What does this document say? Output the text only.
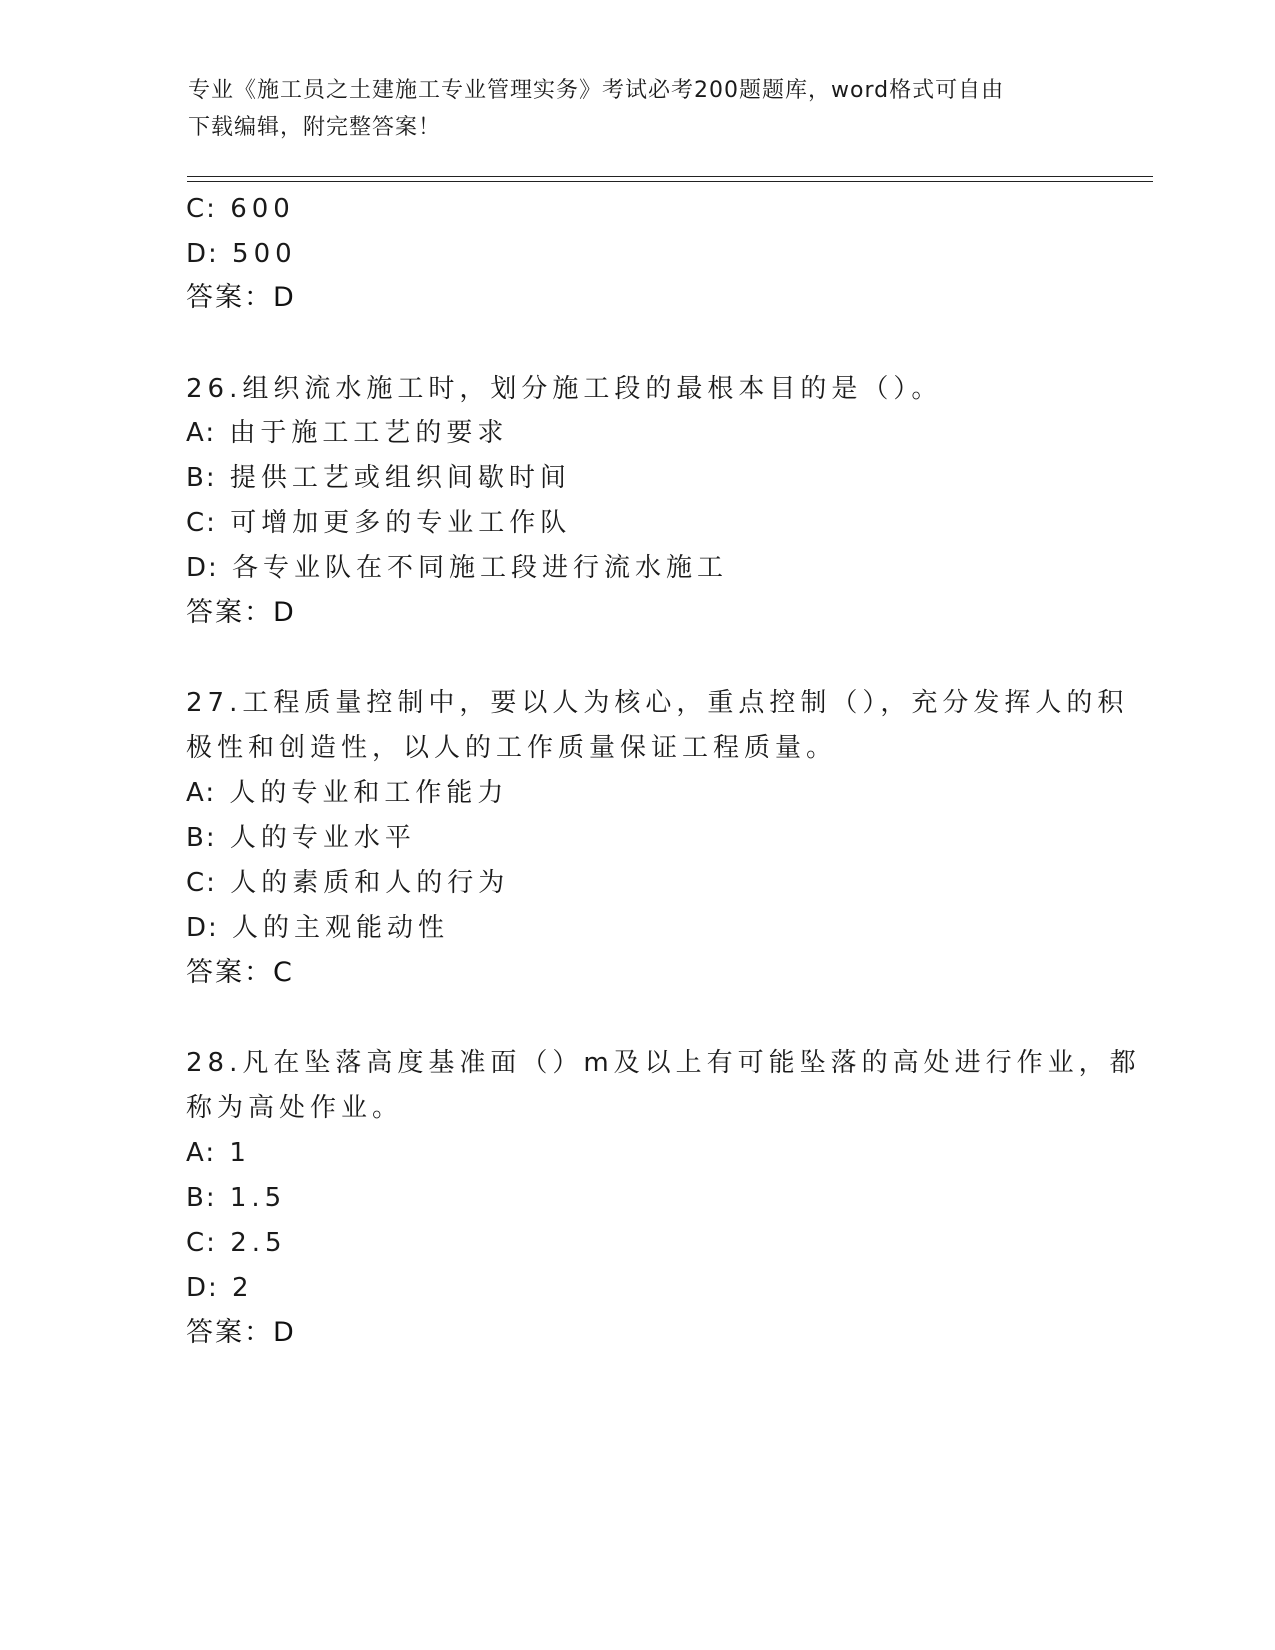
专业《施工员之土建施工专业管理实务》考试必考200题题库，word格式可自由
下载编辑，附完整答案！
C: 600
D: 500
答案：D
26.组织流水施工时，划分施工段的最根本目的是（）。
A: 由于施工工艺的要求
B: 提供工艺或组织间歇时间
C: 可增加更多的专业工作队
D: 各专业队在不同施工段进行流水施工
答案：D
27.工程质量控制中，要以人为核心，重点控制（），充分发挥人的积
极性和创造性，以人的工作质量保证工程质量。
A: 人的专业和工作能力
B: 人的专业水平
C: 人的素质和人的行为
D: 人的主观能动性
答案：C
28.凡在坠落高度基准面（）m及以上有可能坠落的高处进行作业，都
称为高处作业。
A: 1
B: 1.5
C: 2.5
D: 2
答案：D
